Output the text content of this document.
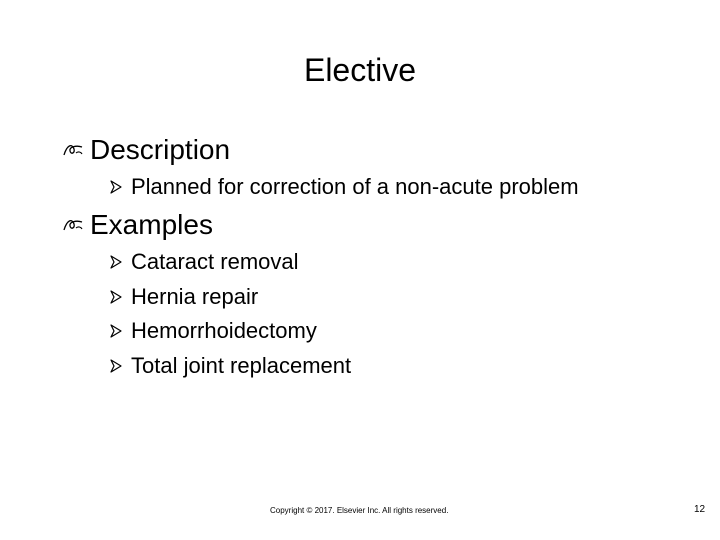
Elective
Description
Planned for correction of a non-acute problem
Examples
Cataract removal
Hernia repair
Hemorrhoidectomy
Total joint replacement
Copyright © 2017. Elsevier Inc. All rights reserved.	12
